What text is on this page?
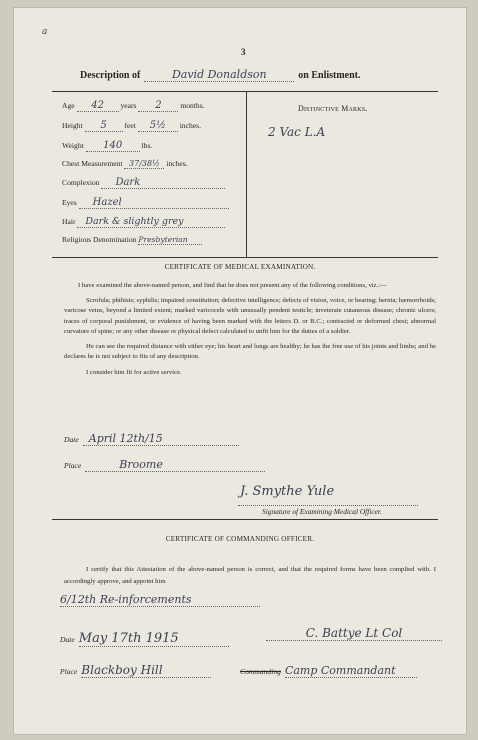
a
3
Description of	David Donaldson	on Enlistment.
Age 42 years 2 months.
Height 5 feet 5½ inches.
Weight 140	lbs.
Chest Measurement 37/38½ inches.
Complexion Dark
Eyes Hazel
Hair Dark & slightly grey
Religious Denomination Presbyterian
Distinctive Marks.
2 Vac L.A
CERTIFICATE OF MEDICAL EXAMINATION.

I have examined the above-named person, and find that he does not present any of the following conditions, viz.:—

Scrofula; phthisis; syphilis; impaired constitution; defective intelligence; defects of vision, voice, or hearing; hernia; hæmorrhoids; varicose veins, beyond a limited extent; marked varicocele with unusually pendent testicle; inveterate cutaneous disease; chronic ulcers; traces of corporal punishment, or evidence of having been marked with the letters D. or B.C.; contracted or deformed chest; abnormal curvature of spine; or any other disease or physical defect calculated to unfit him for the duties of a soldier.

He can see the required distance with either eye; his heart and lungs are healthy; he has the free use of his joints and limbs; and he declares he is not subject to fits of any description.

I consider him fit for active service.

Date April 12th/15
Place	Broome
J. Smythe Yule
Signature of Examining Medical Officer.
CERTIFICATE OF COMMANDING OFFICER.

I certify that this Attestation of the above-named person is correct, and that the required forms have been complied with. I accordingly approve, and appoint him

6/12th Re-inforcements
Date May 17th 1915	C. Battye Lt Col
Place Blackboy Hill	Commanding Camp Commandant
